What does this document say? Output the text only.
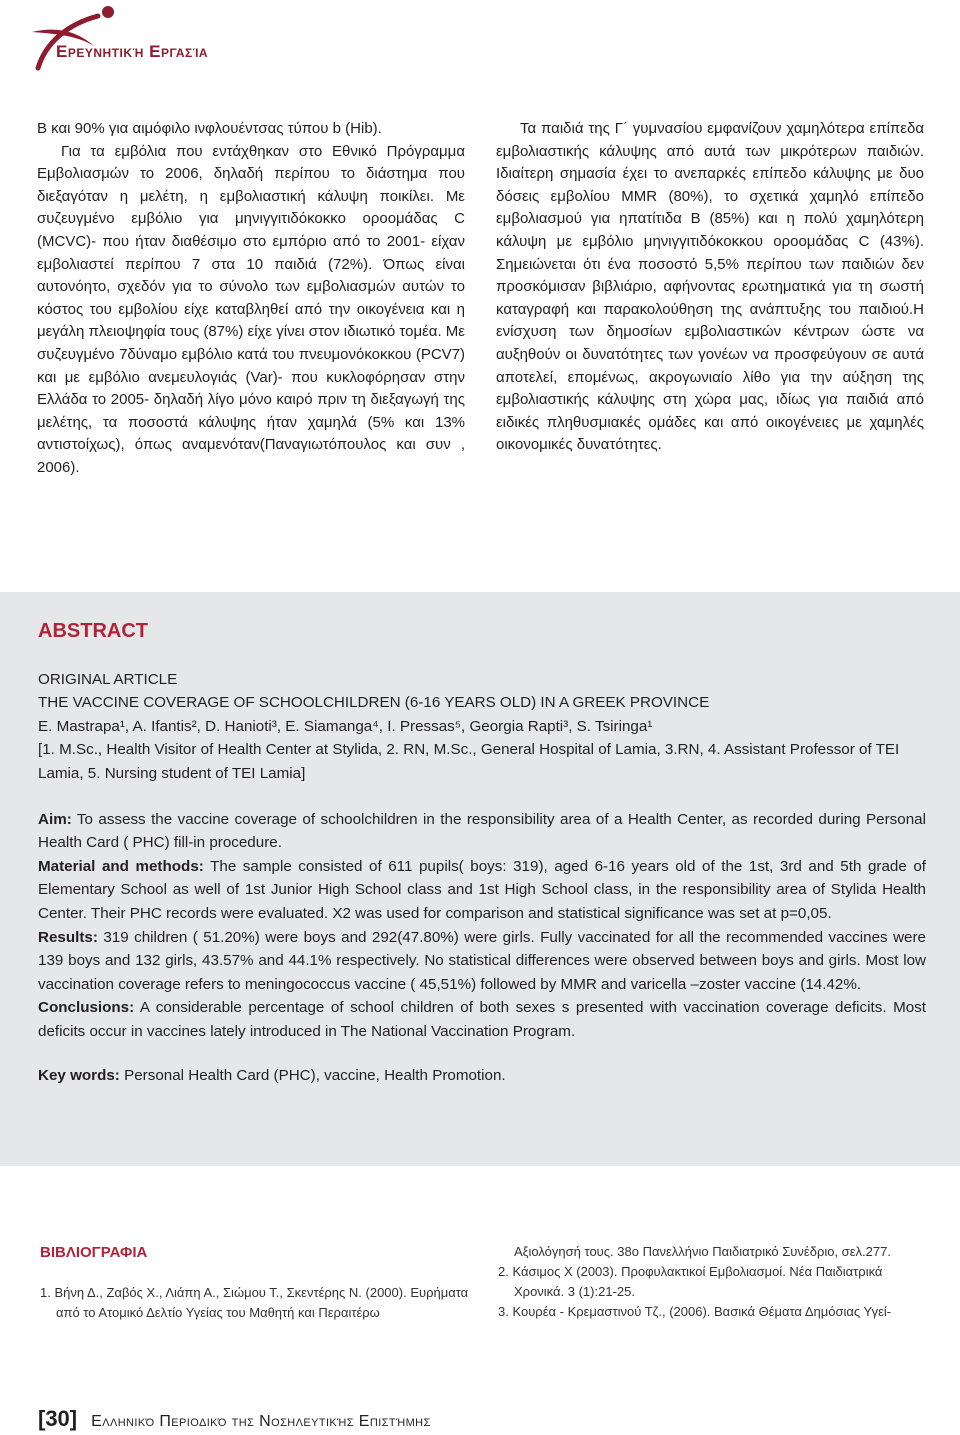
Ερευνητική Εργασία

Β και 90% για αιμόφιλο ινφλουέντσας τύπου b (Hib).

Για τα εμβόλια που εντάχθηκαν στο Εθνικό Πρόγραμμα Εμβολιασμών το 2006, δηλαδή περίπου το διάστημα που διεξαγόταν η μελέτη, η εμβολιαστική κάλυψη ποικίλει. Με συζευγμένο εμβόλιο για μηνιγγιτιδόκοκκο οροομάδας C (MCVC)- που ήταν διαθέσιμο στο εμπόριο από το 2001- είχαν εμβολιαστεί περίπου 7 στα 10 παιδιά (72%). Όπως είναι αυτονόητο, σχεδόν για το σύνολο των εμβολιασμών αυτών το κόστος του εμβολίου είχε καταβληθεί από την οικογένεια και η μεγάλη πλειοψηφία τους (87%) είχε γίνει στον ιδιωτικό τομέα. Με συζευγμένο 7δύναμο εμβόλιο κατά του πνευμονόκοκκου (PCV7) και με εμβόλιο ανεμευλογιάς (Var)- που κυκλοφόρησαν στην Ελλάδα το 2005- δηλαδή λίγο μόνο καιρό πριν τη διεξαγωγή της μελέτης, τα ποσοστά κάλυψης ήταν χαμηλά (5% και 13% αντιστοίχως), όπως αναμενόταν(Παναγιωτόπουλος και συν , 2006).

Τα παιδιά της Γ΄ γυμνασίου εμφανίζουν χαμηλότερα επίπεδα εμβολιαστικής κάλυψης από αυτά των μικρότερων παιδιών. Ιδιαίτερη σημασία έχει το ανεπαρκές επίπεδο κάλυψης με δυο δόσεις εμβολίου MMR (80%), το σχετικά χαμηλό επίπεδο εμβολιασμού για ηπατίτιδα Β (85%) και η πολύ χαμηλότερη κάλυψη με εμβόλιο μηνιγγιτιδόκοκκου οροομάδας C (43%). Σημειώνεται ότι ένα ποσοστό 5,5% περίπου των παιδιών δεν προσκόμισαν βιβλιάριο, αφήνοντας ερωτηματικά για τη σωστή καταγραφή και παρακολούθηση της ανάπτυξης του παιδιού.Η ενίσχυση των δημοσίων εμβολιαστικών κέντρων ώστε να αυξηθούν οι δυνατότητες των γονέων να προσφεύγουν σε αυτά αποτελεί, επομένως, ακρογωνιαίο λίθο για την αύξηση της εμβολιαστικής κάλυψης στη χώρα μας, ιδίως για παιδιά από ειδικές πληθυσμιακές ομάδες και από οικογένειες με χαμηλές οικονομικές δυνατότητες.

ABSTRACT

ORIGINAL ARTICLE

THE VACCINE COVERAGE OF SCHOOLCHILDREN (6-16 YEARS OLD) IN A GREEK PROVINCE

E. Mastrapa¹, A. Ifantis², D. Hanioti³, E. Siamanga⁴, I. Pressas⁵, Georgia Rapti³, S. Tsiringa¹

[1. M.Sc., Health Visitor of Health Center at Stylida, 2. RN, M.Sc., General Hospital of Lamia, 3.RN, 4. Assistant Professor of TEI Lamia, 5. Nursing student of TEI Lamia]

Aim: To assess the vaccine coverage of schoolchildren in the responsibility area of a Health Center, as recorded during Personal Health Card ( PHC) fill-in procedure.

Material and methods: The sample consisted of 611 pupils( boys: 319), aged 6-16 years old of the 1st, 3rd and 5th grade of Elementary School as well of 1st Junior High School class and 1st High School class, in the responsibility area of Stylida Health Center. Their PHC records were evaluated. X2 was used for comparison and statistical significance was set at p=0,05.

Results: 319 children ( 51.20%) were boys and 292(47.80%) were girls. Fully vaccinated for all the recommended vaccines were 139 boys and 132 girls, 43.57% and 44.1% respectively. No statistical differences were observed between boys and girls. Most low vaccination coverage refers to meningococcus vaccine ( 45,51%) followed by MMR and varicella –zoster vaccine (14.42%.

Conclusions: A considerable percentage of school children of both sexes s presented with vaccination coverage deficits. Most deficits occur in vaccines lately introduced in The National Vaccination Program.

Key words: Personal Health Card (PHC), vaccine, Health Promotion.

ΒΙΒΛΙΟΓΡΑΦΙΑ

1. Βήνη Δ., Ζαβός Χ., Λιάπη Α., Σιώμου Τ., Σκεντέρης Ν. (2000). Ευρήματα από το Ατομικό Δελτίο Υγείας του Μαθητή και Περαιτέρω

Αξιολόγησή τους. 38ο Πανελλήνιο Παιδιατρικό Συνέδριο, σελ.277.

2. Κάσιμος Χ (2003). Προφυλακτικοί Εμβολιασμοί. Νέα Παιδιατρικά Χρονικά. 3 (1):21-25.

3. Κουρέα - Κρεμαστινού Τζ., (2006). Βασικά Θέματα Δημόσιας Υγεί-

[30] Ελληνικό Περιοδικό της Νοσηλευτικής Επιστήμης
